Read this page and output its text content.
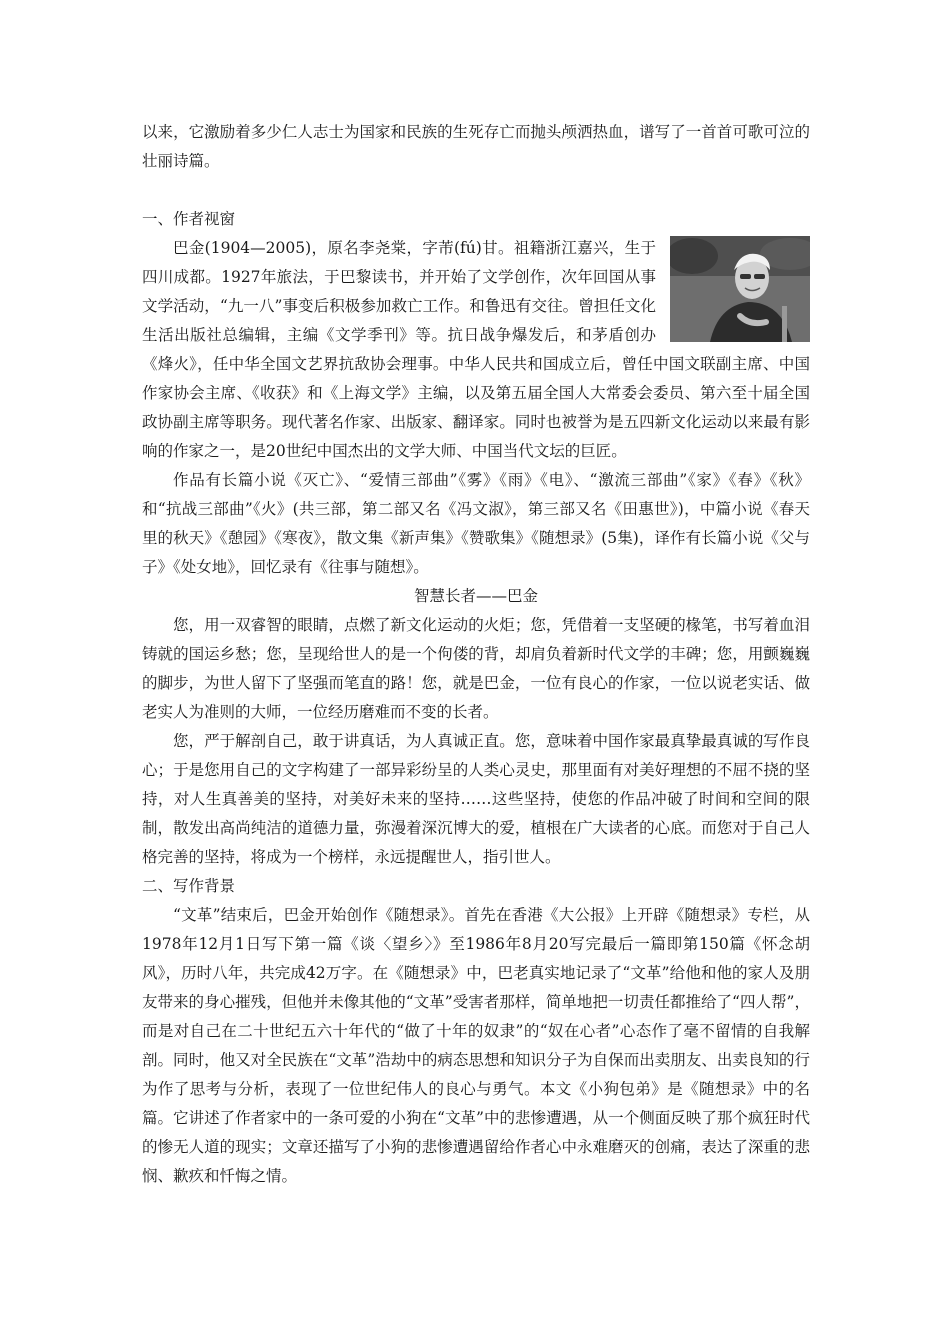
以来，它激励着多少仁人志士为国家和民族的生死存亡而抛头颅洒热血，谱写了一首首可歌可泣的壮丽诗篇。

一、作者视窗

巴金(1904—2005)，原名李尧棠，字芾(fú)甘。祖籍浙江嘉兴，生于四川成都。1927年旅法，于巴黎读书，并开始了文学创作，次年回国从事文学活动，“九一八”事变后积极参加救亡工作。和鲁迅有交往。曾担任文化生活出版社总编辑，主编《文学季刊》等。抗日战争爆发后，和茅盾创办《烽火》，任中华全国文艺界抗敌协会理事。中华人民共和国成立后，曾任中国文联副主席、中国作家协会主席、《收获》和《上海文学》主编，以及第五届全国人大常委会委员、第六至十届全国政协副主席等职务。现代著名作家、出版家、翻译家。同时也被誉为是五四新文化运动以来最有影响的作家之一，是20世纪中国杰出的文学大师、中国当代文坛的巨匠。

作品有长篇小说《灭亡》、“爱情三部曲”《雾》《雨》《电》、“激流三部曲”《家》《春》《秋》和“抗战三部曲”《火》(共三部，第二部又名《冯文淑》，第三部又名《田惠世》)，中篇小说《春天里的秋天》《憩园》《寒夜》，散文集《新声集》《赞歌集》《随想录》(5集)，译作有长篇小说《父与子》《处女地》，回忆录有《往事与随想》。

智慧长者——巴金

您，用一双睿智的眼睛，点燃了新文化运动的火炬；您，凭借着一支坚硬的椽笔，书写着血泪铸就的国运乡愁；您，呈现给世人的是一个佝偻的背，却肩负着新时代文学的丰碑；您，用颤巍巍的脚步，为世人留下了坚强而笔直的路！您，就是巴金，一位有良心的作家，一位以说老实话、做老实人为准则的大师，一位经历磨难而不变的长者。

您，严于解剖自己，敢于讲真话，为人真诚正直。您，意味着中国作家最真挚最真诚的写作良心；于是您用自己的文字构建了一部异彩纷呈的人类心灵史，那里面有对美好理想的不屈不挠的坚持，对人生真善美的坚持，对美好未来的坚持……这些坚持，使您的作品冲破了时间和空间的限制，散发出高尚纯洁的道德力量，弥漫着深沉博大的爱，植根在广大读者的心底。而您对于自己人格完善的坚持，将成为一个榜样，永远提醒世人，指引世人。

二、写作背景

“文革”结束后，巴金开始创作《随想录》。首先在香港《大公报》上开辟《随想录》专栏，从1978年12月1日写下第一篇《谈〈望乡〉》至1986年8月20写完最后一篇即第150篇《怀念胡风》，历时八年，共完成42万字。在《随想录》中，巴老真实地记录了“文革”给他和他的家人及朋友带来的身心摧残，但他并未像其他的“文革”受害者那样，简单地把一切责任都推给了“四人帮”，而是对自己在二十世纪五六十年代的“做了十年的奴隶”的“奴在心者”心态作了毫不留情的自我解剖。同时，他又对全民族在“文革”浩劫中的病态思想和知识分子为自保而出卖朋友、出卖良知的行为作了思考与分析，表现了一位世纪伟人的良心与勇气。本文《小狗包弟》是《随想录》中的名篇。它讲述了作者家中的一条可爱的小狗在“文革”中的悲惨遭遇，从一个侧面反映了那个疯狂时代的惨无人道的现实；文章还描写了小狗的悲惨遭遇留给作者心中永难磨灭的创痛，表达了深重的悲悯、歉疚和忏悔之情。
